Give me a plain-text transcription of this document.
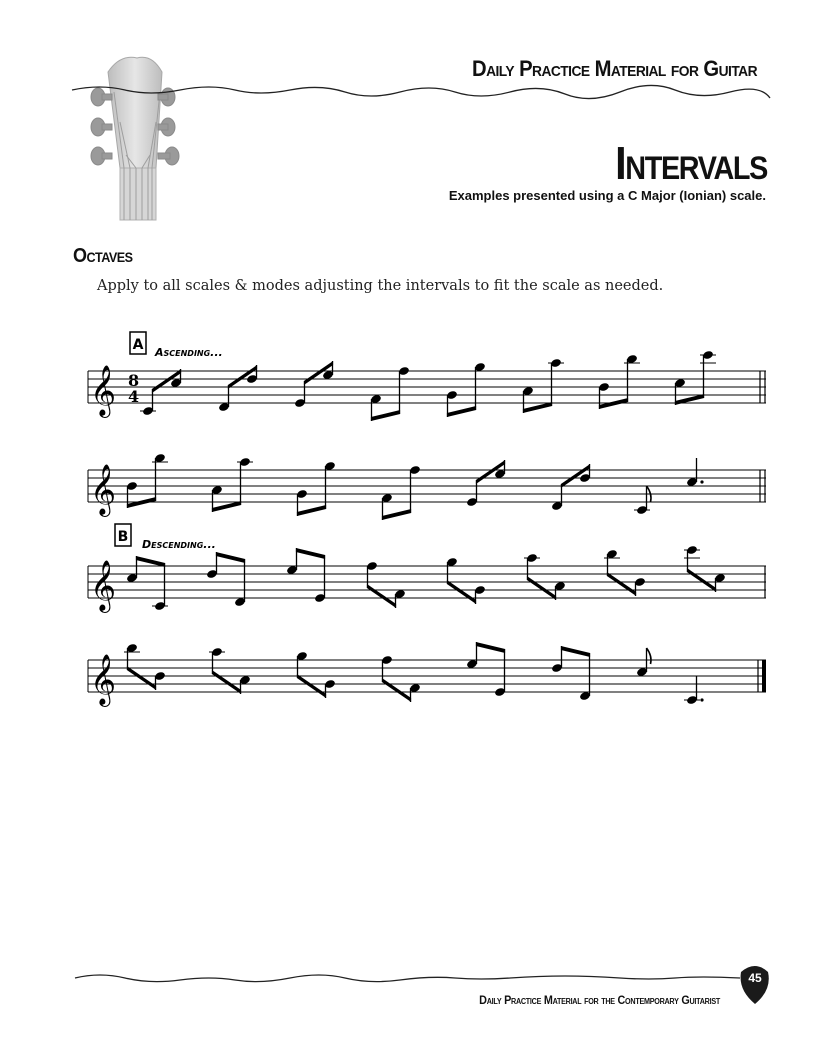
Daily Practice Material for Guitar
Intervals
Examples presented using a C Major (Ionian) scale.
Octaves
Apply to all scales & modes adjusting the intervals to fit the scale as needed.
A Ascending...
B Descending...
𝄞 8
4
𝄞
𝄞
𝄞
Daily Practice Material for the Contemporary Guitarist
45
